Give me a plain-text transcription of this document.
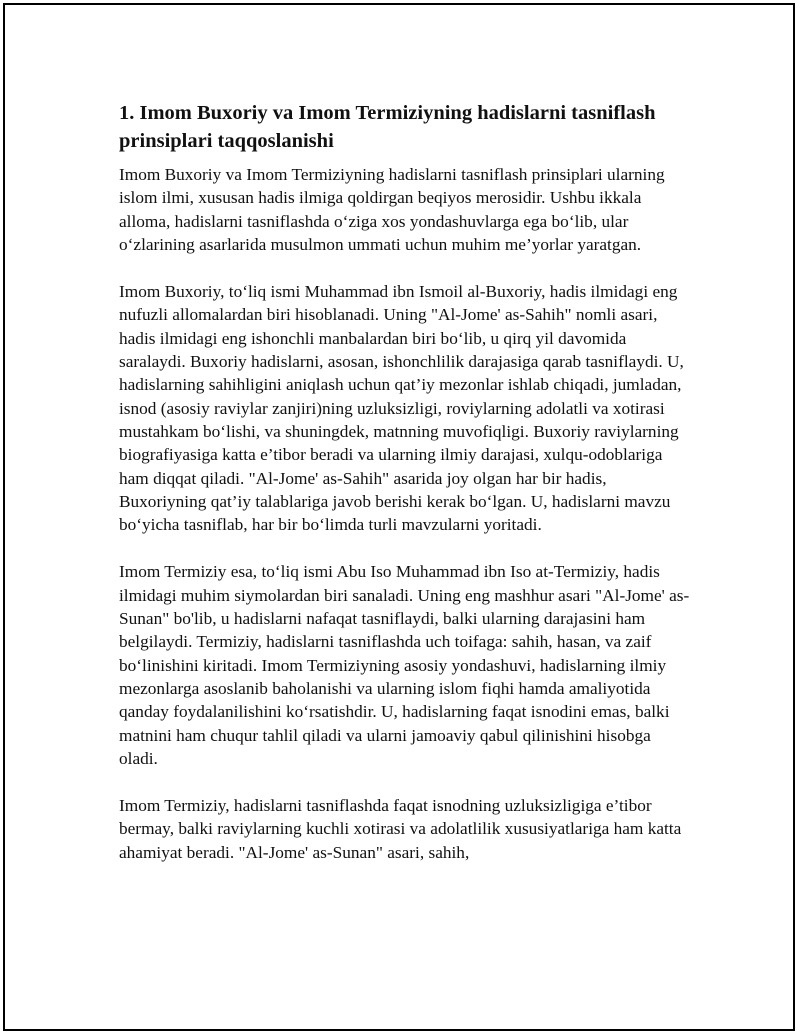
1. Imom Buxoriy va Imom Termiziyning hadislarni tasniflash prinsiplari taqqoslanishi

Imom Buxoriy va Imom Termiziyning hadislarni tasniflash prinsiplari ularning islom ilmi, xususan hadis ilmiga qoldirgan beqiyos merosidir. Ushbu ikkala alloma, hadislarni tasniflashda o‘ziga xos yondashuvlarga ega bo‘lib, ular o‘zlarining asarlarida musulmon ummati uchun muhim me’yorlar yaratgan.

Imom Buxoriy, to‘liq ismi Muhammad ibn Ismoil al-Buxoriy, hadis ilmidagi eng nufuzli allomalardan biri hisoblanadi. Uning "Al-Jome' as-Sahih" nomli asari, hadis ilmidagi eng ishonchli manbalardan biri bo‘lib, u qirq yil davomida saralaydi. Buxoriy hadislarni, asosan, ishonchlilik darajasiga qarab tasniflaydi. U, hadislarning sahihligini aniqlash uchun qat’iy mezonlar ishlab chiqadi, jumladan, isnod (asosiy raviylar zanjiri)ning uzluksizligi, roviylarning adolatli va xotirasi mustahkam bo‘lishi, va shuningdek, matnning muvofiqligi. Buxoriy raviylarning biografiyasiga katta e’tibor beradi va ularning ilmiy darajasi, xulqu-odoblariga ham diqqat qiladi. "Al-Jome' as-Sahih" asarida joy olgan har bir hadis, Buxoriyning qat’iy talablariga javob berishi kerak bo‘lgan. U, hadislarni mavzu bo‘yicha tasniflab, har bir bo‘limda turli mavzularni yoritadi.

Imom Termiziy esa, to‘liq ismi Abu Iso Muhammad ibn Iso at-Termiziy, hadis ilmidagi muhim siymolardan biri sanaladi. Uning eng mashhur asari "Al-Jome' as-Sunan" bo'lib, u hadislarni nafaqat tasniflaydi, balki ularning darajasini ham belgilaydi. Termiziy, hadislarni tasniflashda uch toifaga: sahih, hasan, va zaif bo‘linishini kiritadi. Imom Termiziyning asosiy yondashuvi, hadislarning ilmiy mezonlarga asoslanib baholanishi va ularning islom fiqhi hamda amaliyotida qanday foydalanilishini ko‘rsatishdir. U, hadislarning faqat isnodini emas, balki matnini ham chuqur tahlil qiladi va ularni jamoaviy qabul qilinishini hisobga oladi.

Imom Termiziy, hadislarni tasniflashda faqat isnodning uzluksizligiga e’tibor bermay, balki raviylarning kuchli xotirasi va adolatlilik xususiyatlariga ham katta ahamiyat beradi. "Al-Jome' as-Sunan" asari, sahih,
